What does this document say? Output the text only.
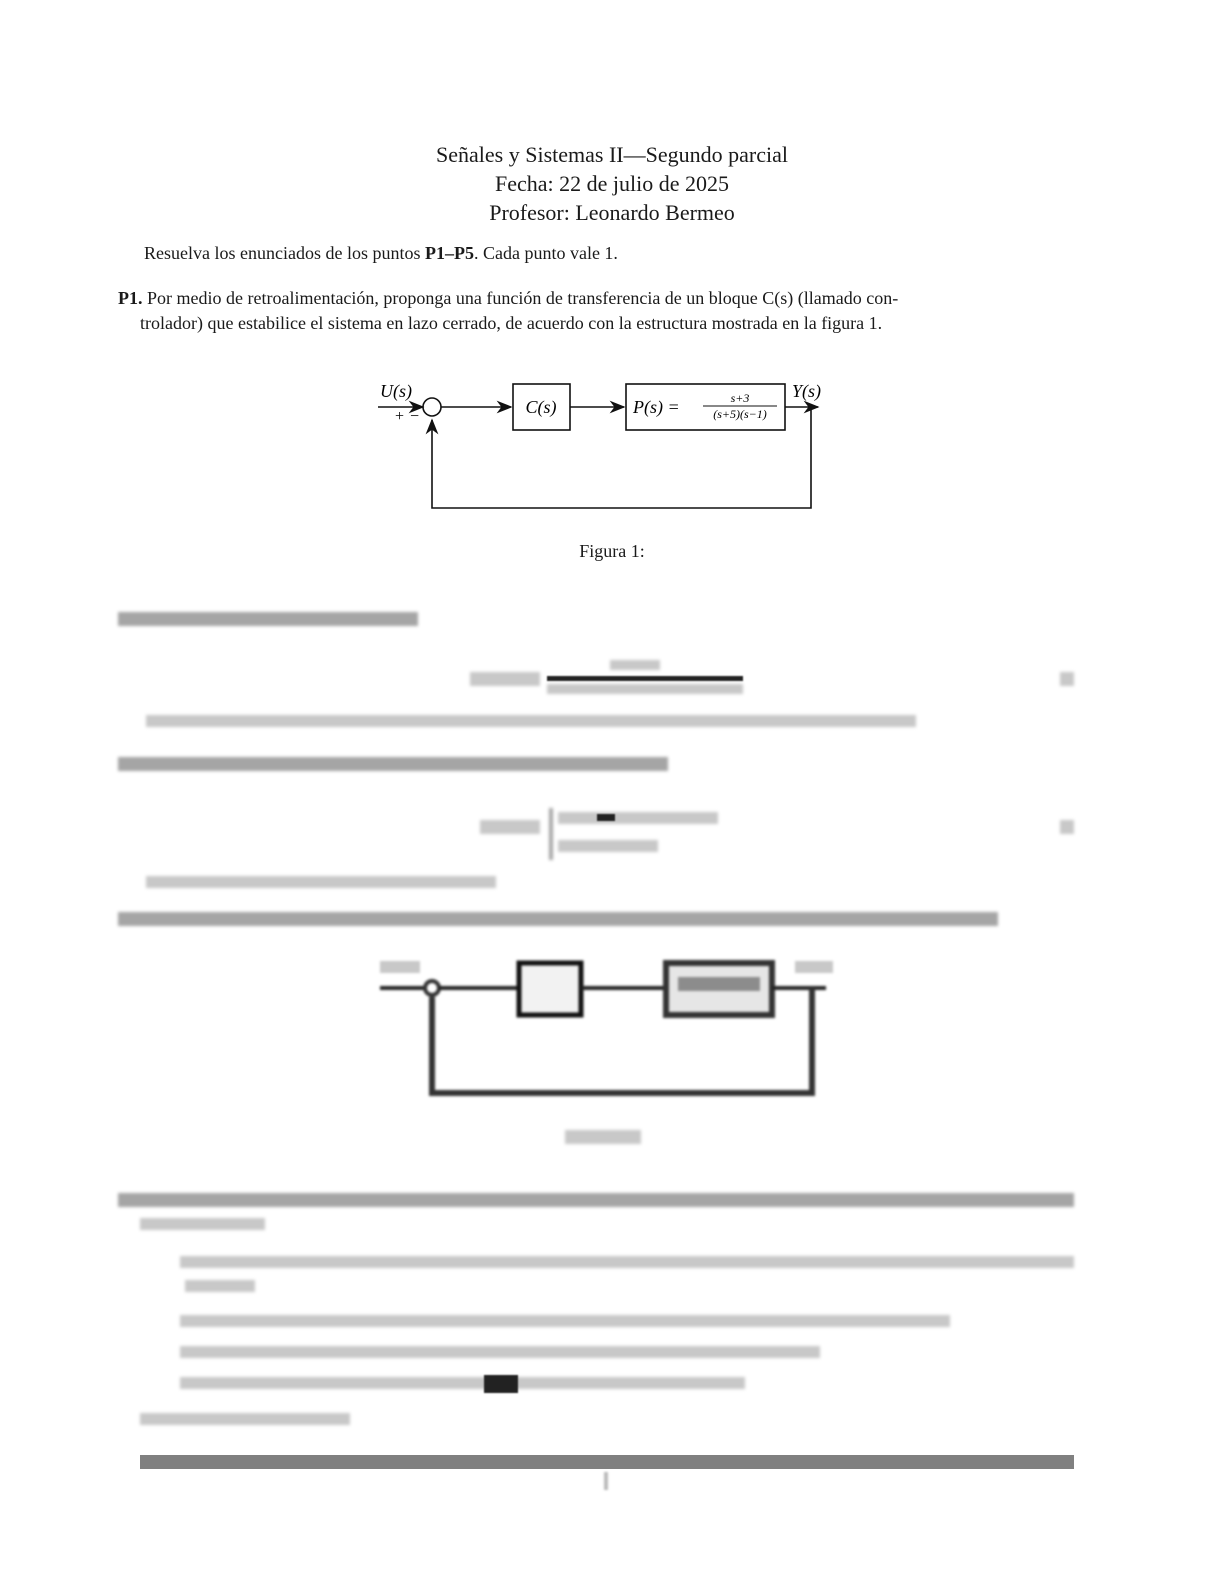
Señales y Sistemas II—Segundo parcial
Fecha: 22 de julio de 2025
Profesor: Leonardo Bermeo
Resuelva los enunciados de los puntos P1–P5. Cada punto vale 1.
P1. Por medio de retroalimentación, proponga una función de transferencia de un bloque C(s) (llamado con-
trolador) que estabilice el sistema en lazo cerrado, de acuerdo con la estructura mostrada en la figura 1.
U(s)	Y(s)
+ −	C(s)	P(s) =	s+3
(s+5)(s−1)
Figura 1:
